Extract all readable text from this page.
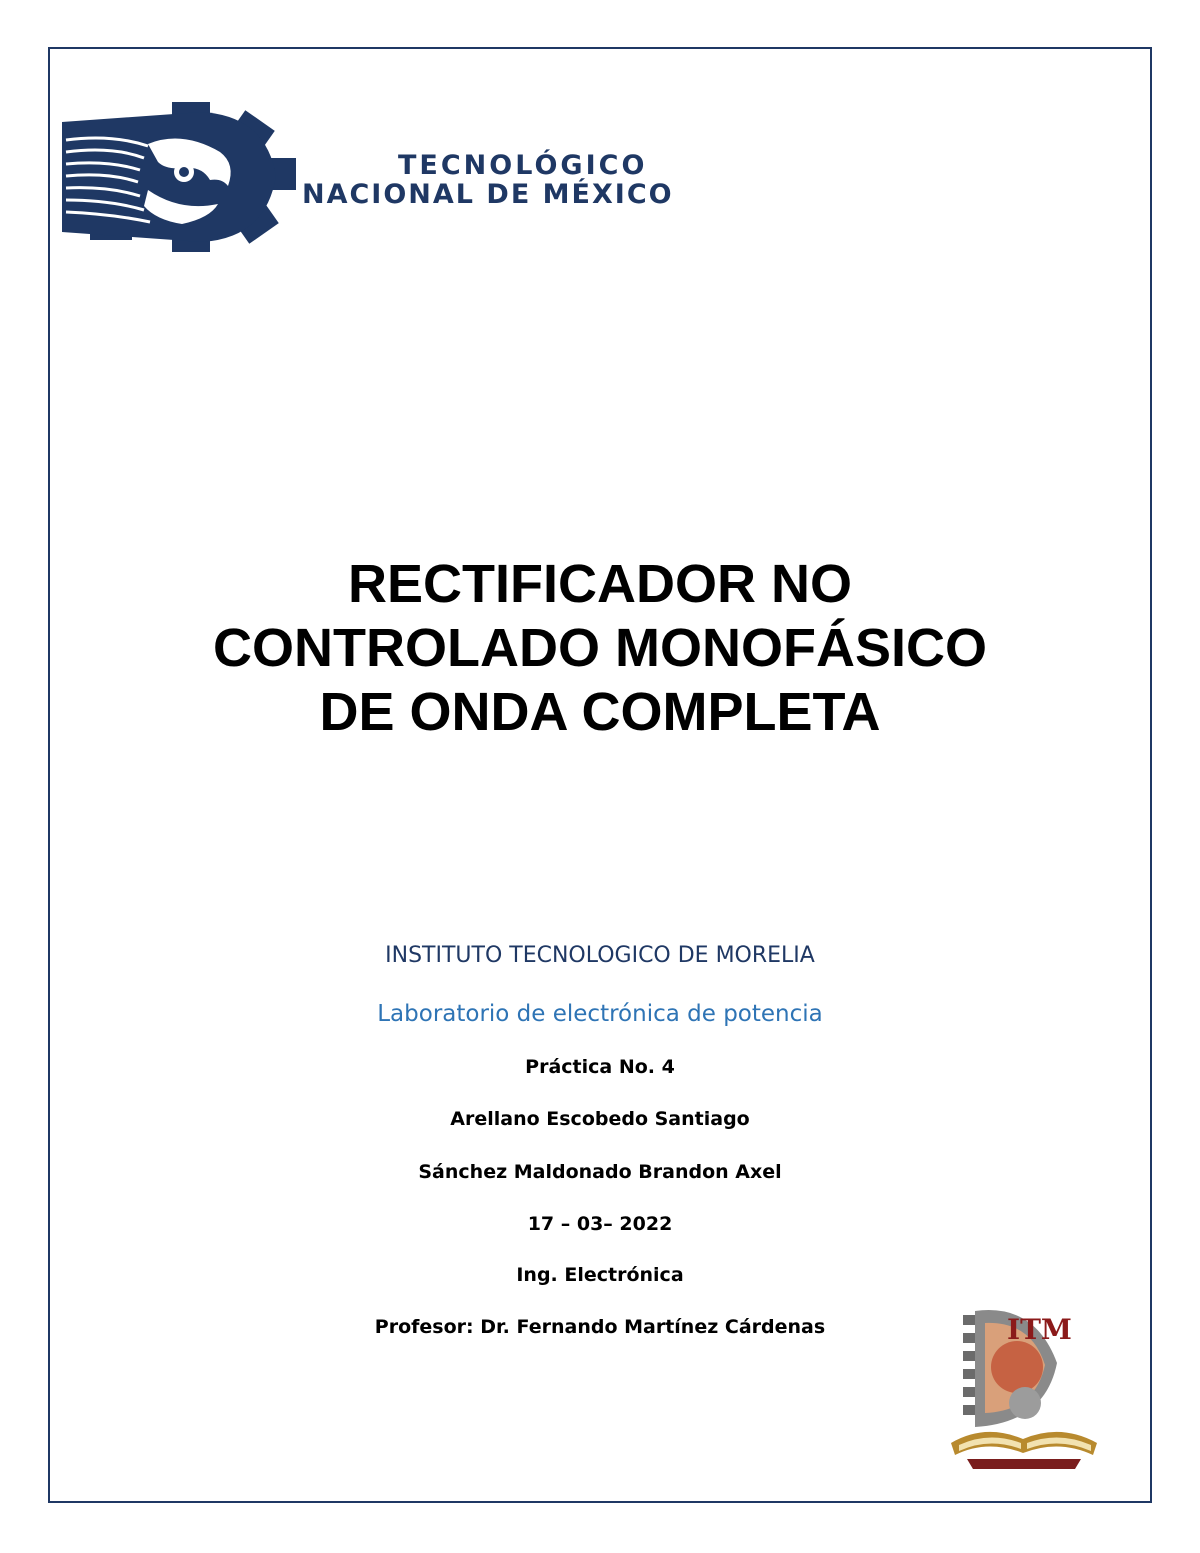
TECNOLÓGICO
NACIONAL DE MÉXICO
RECTIFICADOR NO
CONTROLADO MONOFÁSICO
DE ONDA COMPLETA
INSTITUTO TECNOLOGICO DE MORELIA
Laboratorio de electrónica de potencia
Práctica No. 4
Arellano Escobedo Santiago
Sánchez Maldonado Brandon Axel
17 – 03– 2022
Ing. Electrónica
Profesor: Dr. Fernando Martínez Cárdenas	ITM
